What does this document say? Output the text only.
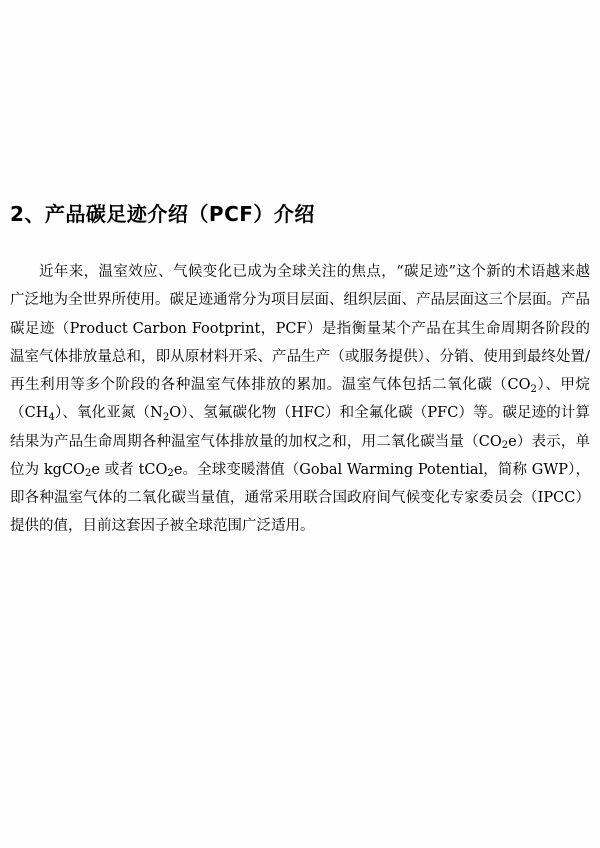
2、产品碳足迹介绍（PCF）介绍

近年来，温室效应、气候变化已成为全球关注的焦点，“碳足迹”这个新的术语越来越广泛地为全世界所使用。碳足迹通常分为项目层面、组织层面、产品层面这三个层面。产品碳足迹（Product Carbon Footprint，PCF）是指衡量某个产品在其生命周期各阶段的温室气体排放量总和，即从原材料开采、产品生产（或服务提供）、分销、使用到最终处置/再生利用等多个阶段的各种温室气体排放的累加。温室气体包括二氧化碳$(CO_2)$、甲烷$(CH_4)$、氧化亚氮$(N_2O)$、氢氟碳化物（HFC）和全氟化碳（PFC）等。碳足迹的计算结果为产品生命周期各种温室气体排放量的加权之和，用二氧化碳当量$(CO_2e)$表示，单位为 kgCO$_2$e 或者 tCO$_2$e。全球变暖潜值（Gobal Warming Potential，简称 GWP），即各种温室气体的二氧化碳当量值，通常采用联合国政府间气候变化专家委员会（IPCC）提供的值，目前这套因子被全球范围广泛适用。
